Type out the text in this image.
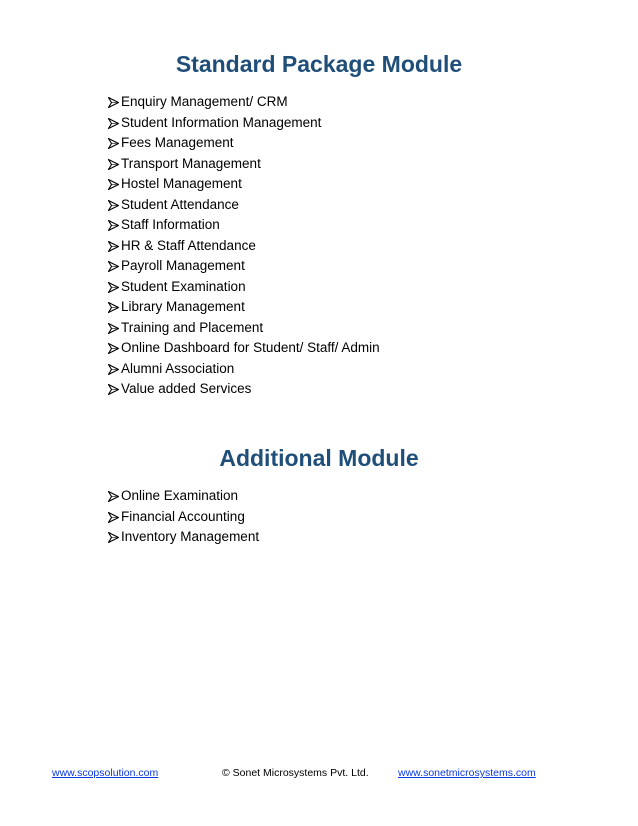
Standard Package Module
Enquiry Management/ CRM
Student Information Management
Fees Management
Transport Management
Hostel Management
Student Attendance
Staff Information
HR & Staff Attendance
Payroll Management
Student Examination
Library Management
Training and Placement
Online Dashboard for Student/ Staff/ Admin
Alumni Association
Value added Services
Additional Module
Online Examination
Financial Accounting
Inventory Management
www.scopsolution.com	© Sonet Microsystems Pvt. Ltd.	www.sonetmicrosystems.com
